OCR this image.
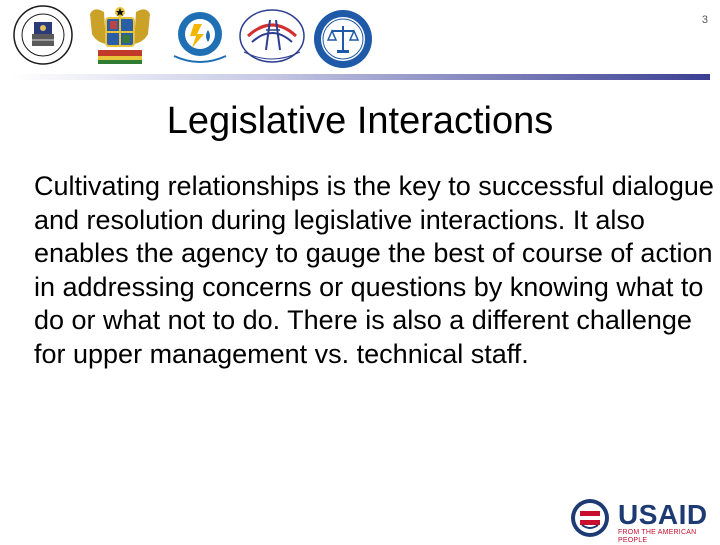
3
Legislative Interactions

Cultivating relationships is the key to successful dialogue and resolution during legislative interactions. It also enables the agency to gauge the best of course of action in addressing concerns or questions by knowing what to do or what not to do. There is also a different challenge for upper management vs. technical staff.

USAID
FROM THE AMERICAN PEOPLE
